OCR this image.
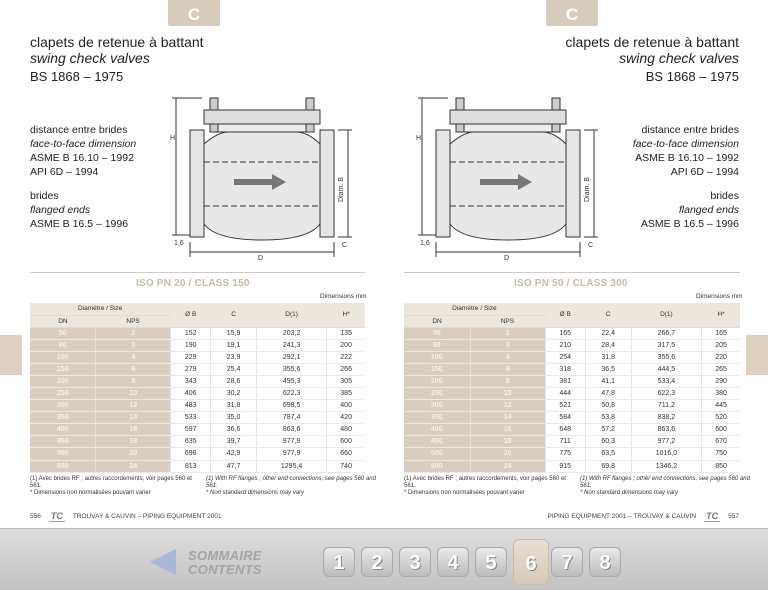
C
clapets de retenue à battant
swing check valves
BS 1868 – 1975
distance entre brides
face-to-face dimension
ASME B 16.10 – 1992
API 6D – 1994
brides
flanged ends
ASME B 16.5 – 1996
H
D
C
1,6
Diam. B
ISO PN 20 / CLASS 150
Dimensions mm
Diamètre / Size		Ø B	C	D(1)	H*
DN	NPS				
50	2	152	15,9	203,2	135
80	3	190	19,1	241,3	200
100	4	229	23,9	292,1	222
150	6	279	25,4	355,6	266
200	8	343	28,6	495,3	305
250	10	406	30,2	622,3	385
300	12	483	31,8	698,5	400
350	14	533	35,0	787,4	420
400	16	597	36,6	863,6	480
450	18	635	39,7	977,9	600
500	20	698	42,9	977,9	660
600	24	813	47,7	1295,4	740
(1) Avec brides RF ; autres raccordements, voir pages 560 et 561.
* Dimensions non normalisées pouvant varier
(1) With RF flanges ; other end connections, see pages 560 and 561.
* Non standard dimensions may vary
556 TC	TROUVAY & CAUVIN – PIPING EQUIPMENT 2001
C
clapets de retenue à battant
swing check valves
BS 1868 – 1975
distance entre brides
face-to-face dimension
ASME B 16.10 – 1992
API 6D – 1994
brides
flanged ends
ASME B 16.5 – 1996
H
D
C
1,6
Diam. B
ISO PN 50 / CLASS 300
Dimensions mm
Diamètre / Size		Ø B	C	D(1)	H*
DN	NPS				
50	2	165	22,4	266,7	165
80	3	210	28,4	317,5	205
100	4	254	31,8	355,6	220
150	6	318	36,5	444,5	265
200	8	381	41,1	533,4	290
250	10	444	47,8	622,3	380
300	12	521	50,8	711,2	445
350	14	584	53,8	838,2	520
400	16	648	57,2	863,6	600
450	18	711	60,3	977,2	670
500	20	775	63,5	1016,0	750
600	24	915	69,8	1346,2	850
(1) Avec brides RF ; autres raccordements, voir pages 560 et 561.
* Dimensions non normalisées pouvant varier
(1) With RF flanges ; other end connections, see pages 560 and 561.
* Non standard dimensions may vary
PIPING EQUIPMENT 2001 – TROUVAY & CAUVIN TC	557
SOMMAIRE
CONTENTS	1	2	3	4	5	6	7	8
